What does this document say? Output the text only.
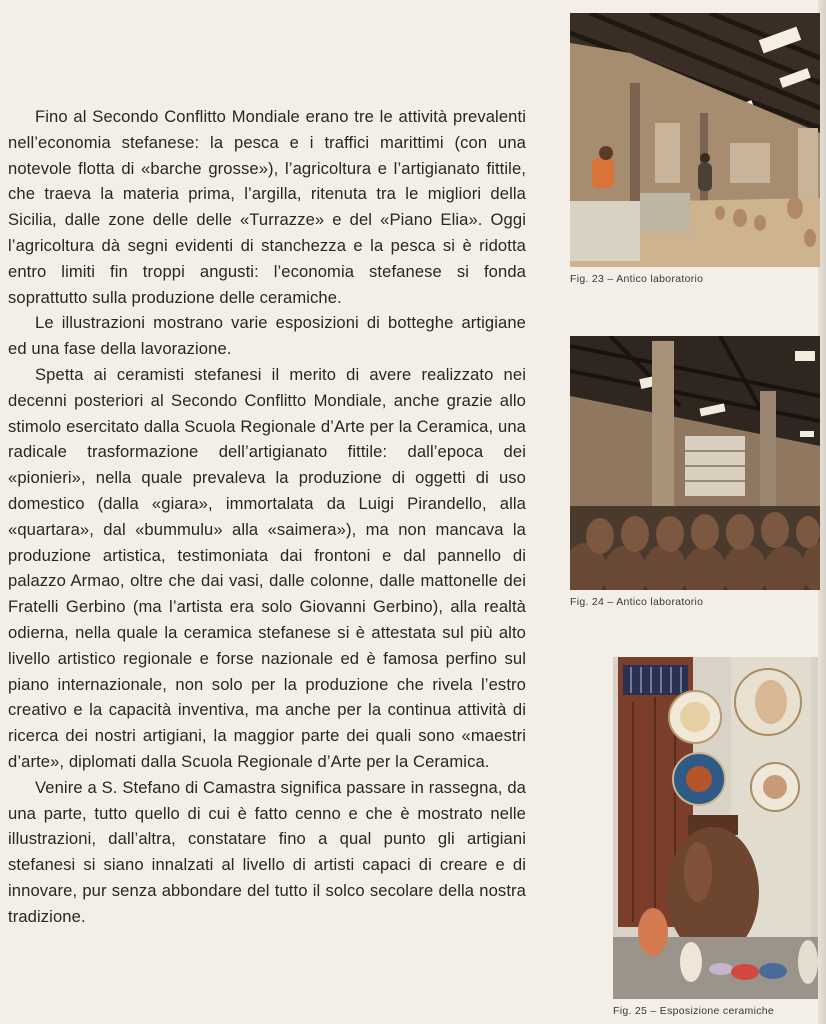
Fino al Secondo Conflitto Mondiale erano tre le attività prevalenti nell’economia stefanese: la pesca e i traffici marittimi (con una notevole flotta di «barche grosse»), l’agricoltura e l’artigianato fittile, che traeva la materia prima, l’argilla, ritenuta tra le migliori della Sicilia, dalle zone delle delle «Turrazze» e del «Piano Elia». Oggi l’agricoltura dà segni evidenti di stanchezza e la pesca si è ridotta entro limiti fin troppi angusti: l’economia stefanese si fonda soprattutto sulla produzione delle ceramiche.

Le illustrazioni mostrano varie esposizioni di botteghe artigiane ed una fase della lavorazione.

Spetta ai ceramisti stefanesi il merito di avere realizzato nei decenni posteriori al Secondo Conflitto Mondiale, anche grazie allo stimolo esercitato dalla Scuola Regionale d’Arte per la Ceramica, una radicale trasformazione dell’artigianato fittile: dall’epoca dei «pionieri», nella quale prevaleva la produzione di oggetti di uso domestico (dalla «giara», immortalata da Luigi Pirandello, alla «quartara», dal «bummulu» alla «saimera»), ma non mancava la produzione artistica, testimoniata dai frontoni e dal pannello di palazzo Armao, oltre che dai vasi, dalle colonne, dalle mattonelle dei Fratelli Gerbino (ma l’artista era solo Giovanni Gerbino), alla realtà odierna, nella quale la ceramica stefanese si è attestata sul più alto livello artistico regionale e forse nazionale ed è famosa perfino sul piano internazionale, non solo per la produzione che rivela l’estro creativo e la capacità inventiva, ma anche per la continua attività di ricerca dei nostri artigiani, la maggior parte dei quali sono «maestri d’arte», diplomati dalla Scuola Regionale d’Arte per la Ceramica.

Venire a S. Stefano di Camastra significa passare in rassegna, da una parte, tutto quello di cui è fatto cenno e che è mostrato nelle illustrazioni, dall’altra, constatare fino a qual punto gli artigiani stefanesi si siano innalzati al livello di artisti capaci di creare e di innovare, pur senza abbondare del tutto il solco secolare della nostra tradizione.

Fig. 23 – Antico laboratorio
Fig. 24 – Antico laboratorio
Fig. 25 – Esposizione ceramiche
